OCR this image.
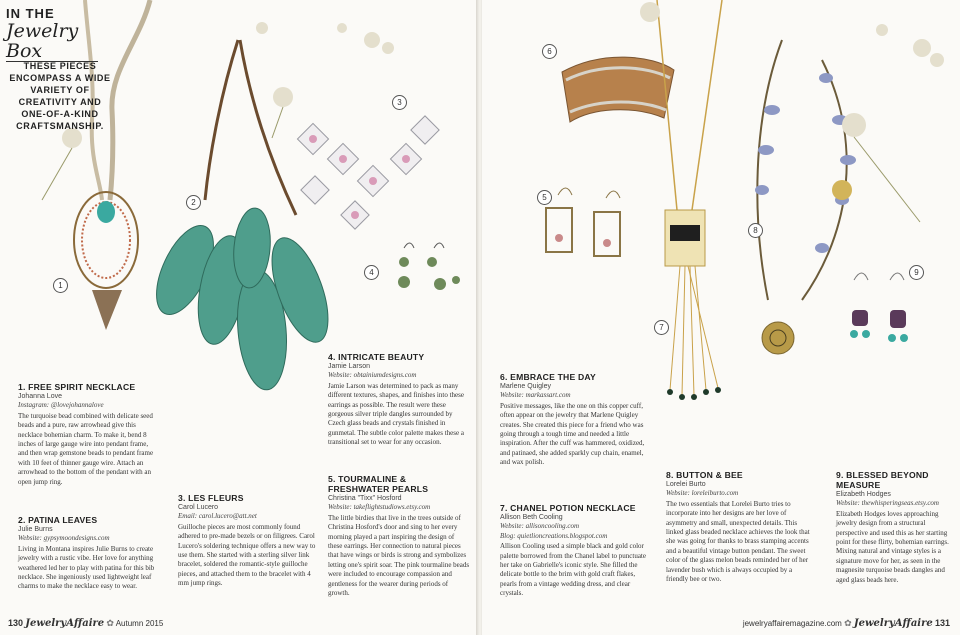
IN THE
Jewelry Box
THESE PIECES ENCOMPASS A WIDE VARIETY OF CREATIVITY AND ONE-OF-A-KIND CRAFTSMANSHIP.
1
2
3
4
1. FREE SPIRIT NECKLACE
Johanna Love
Instagram: @lovejohannalove
The turquoise bead combined with delicate seed beads and a pure, raw arrowhead give this necklace bohemian charm. To make it, bend 8 inches of large gauge wire into pendant frame, and then wrap gemstone beads to pendant frame with 10 feet of thinner gauge wire. Attach an arrowhead to the bottom of the pendant with an open jump ring.
2. PATINA LEAVES
Julie Burns
Website: gypsymoondesigns.com
Living in Montana inspires Julie Burns to create jewelry with a rustic vibe. Her love for anything weathered led her to play with patina for this bib necklace. She ingeniously used lightweight leaf charms to make the necklace easy to wear.
3. LES FLEURS
Carol Lucero
Email: carol.lucero@att.net
Guilloche pieces are most commonly found adhered to pre-made bezels or on filigrees. Carol Lucero's soldering technique offers a new way to use them. She started with a sterling silver link bracelet, soldered the romantic-style guilloche pieces, and attached them to the bracelet with 4 mm jump rings.
4. INTRICATE BEAUTY
Jamie Larson
Website: obtainiumdesigns.com
Jamie Larson was determined to pack as many different textures, shapes, and finishes into these earrings as possible. The result were these gorgeous silver triple dangles surrounded by Czech glass beads and crystals finished in gunmetal. The subtle color palette makes these a transitional set to wear for any occasion.
5. TOURMALINE & FRESHWATER PEARLS
Christina "Tixx" Hosford
Website: takeflightstudiows.etsy.com
The little birdies that live in the trees outside of Christina Hosford's door and sing to her every morning played a part inspiring the design of these earrings. Her connection to natural pieces that have wings or birds is strong and symbolizes letting one's spirit soar. The pink tourmaline beads were included to encourage compassion and gentleness for the wearer during periods of growth.
130 JewelryAffaire ✿ Autumn 2015
6
5
7
8
9
6. EMBRACE THE DAY
Marlene Quigley
Website: markassart.com
Positive messages, like the one on this copper cuff, often appear on the jewelry that Marlene Quigley creates. She created this piece for a friend who was going through a tough time and needed a little inspiration. After the cuff was hammered, oxidized, and patinaed, she added sparkly cup chain, enamel, and wax polish.
7. CHANEL POTION NECKLACE
Allison Beth Cooling
Website: allisoncooling.com
Blog: quietlioncreations.blogspot.com
Allison Cooling used a simple black and gold color palette borrowed from the Chanel label to punctuate her take on Gabrielle's iconic style. She filled the delicate bottle to the brim with gold craft flakes, pearls from a vintage wedding dress, and clear crystals.
8. BUTTON & BEE
Lorelei Burto
Website: loreleiburto.com
The two essentials that Lorelei Burto tries to incorporate into her designs are her love of asymmetry and small, unexpected details. This linked glass beaded necklace achieves the look that she was going for thanks to brass stamping accents and a beautiful vintage button pendant. The sweet color of the glass melon beads reminded her of her lavender bush which is always occupied by a friendly bee or two.
9. BLESSED BEYOND MEASURE
Elizabeth Hodges
Website: thewhisperingseas.etsy.com
Elizabeth Hodges loves approaching jewelry design from a structural perspective and used this as her starting point for these flirty, bohemian earrings. Mixing natural and vintage styles is a signature move for her, as seen in the magnesite turquoise beads dangles and aged glass beads here.
jewelryaffairemagazine.com ✿ JewelryAffaire 131
